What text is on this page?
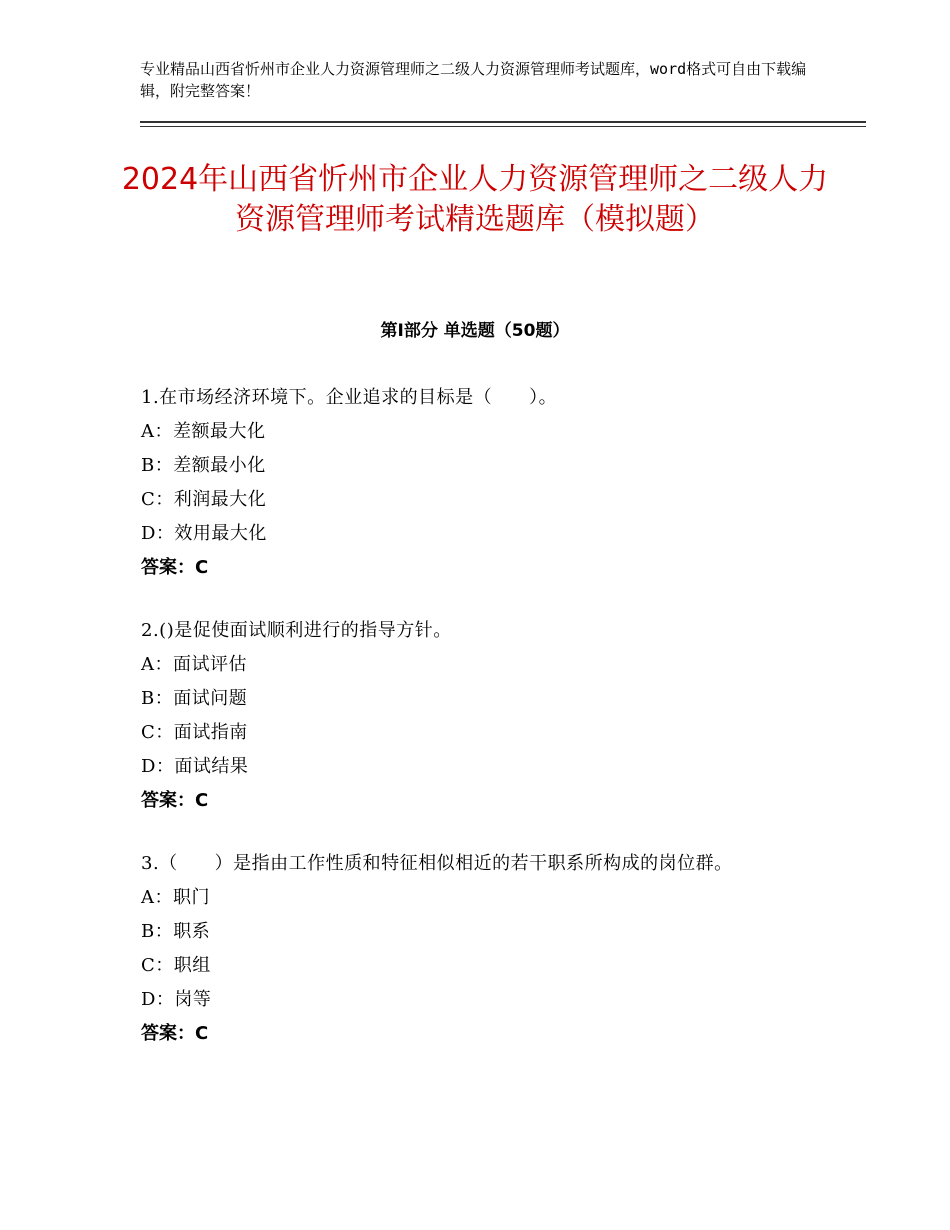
专业精品山西省忻州市企业人力资源管理师之二级人力资源管理师考试题库，word格式可自由下载编辑，附完整答案！
2024年山西省忻州市企业人力资源管理师之二级人力资源管理师考试精选题库（模拟题）
第Ⅰ部分 单选题（50题）
1.在市场经济环境下。企业追求的目标是（　　）。
A：差额最大化
B：差额最小化
C：利润最大化
D：效用最大化
答案：C
2.()是促使面试顺利进行的指导方针。
A：面试评估
B：面试问题
C：面试指南
D：面试结果
答案：C
3.（　　）是指由工作性质和特征相似相近的若干职系所构成的岗位群。
A：职门
B：职系
C：职组
D：岗等
答案：C
